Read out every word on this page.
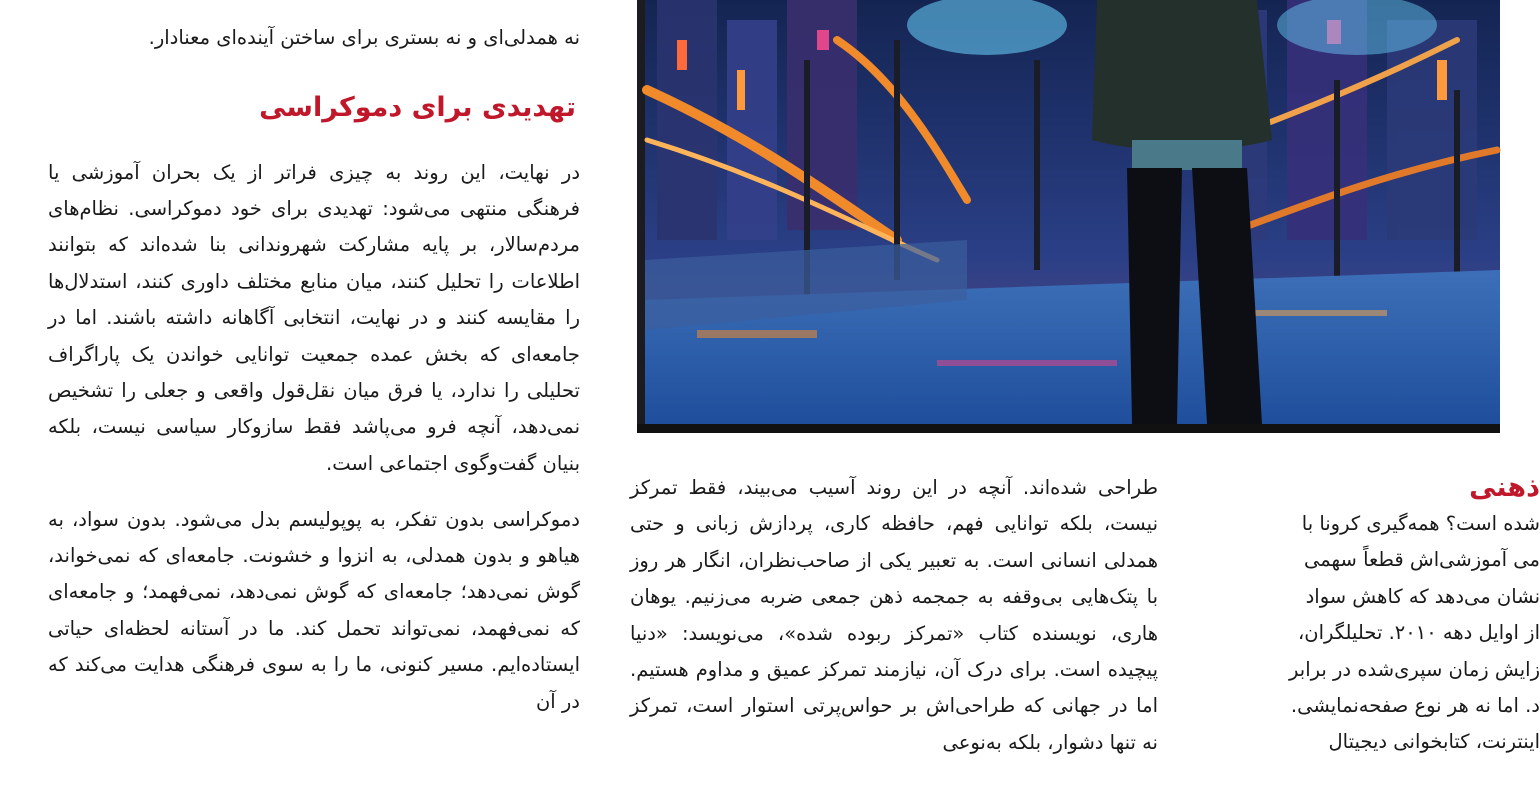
نه همدلی‌ای و نه بستری برای ساختن آینده‌ای معنادار.

تهدیدی برای دموکراسی

در نهایت، این روند به چیزی فراتر از یک بحران آموزشی یا فرهنگی منتهی می‌شود: تهدیدی برای خود دموکراسی. نظام‌های مردم‌سالار، بر پایه مشارکت شهروندانی بنا شده‌اند که بتوانند اطلاعات را تحلیل کنند، میان منابع مختلف داوری کنند، استدلال‌ها را مقایسه کنند و در نهایت، انتخابی آگاهانه داشته باشند. اما در جامعه‌ای که بخش عمده جمعیت توانایی خواندن یک پاراگراف تحلیلی را ندارد، یا فرق میان نقل‌قول واقعی و جعلی را تشخیص نمی‌دهد، آنچه فرو می‌پاشد فقط سازوکار سیاسی نیست، بلکه بنیان گفت‌وگوی اجتماعی است.

دموکراسی بدون تفکر، به پوپولیسم بدل می‌شود. بدون سواد، به هیاهو و بدون همدلی، به انزوا و خشونت. جامعه‌ای که نمی‌خواند، گوش نمی‌دهد؛ جامعه‌ای که گوش نمی‌دهد، نمی‌فهمد؛ و جامعه‌ای که نمی‌فهمد، نمی‌تواند تحمل کند. ما در آستانه لحظه‌ای حیاتی ایستاده‌ایم. مسیر کنونی، ما را به سوی فرهنگی هدایت می‌کند که در آن

طراحی شده‌اند. آنچه در این روند آسیب می‌بیند، فقط تمرکز نیست، بلکه توانایی فهم، حافظه کاری، پردازش زبانی و حتی همدلی انسانی است. به تعبیر یکی از صاحب‌نظران، انگار هر روز با پتک‌هایی بی‌وقفه به جمجمه ذهن جمعی ضربه می‌زنیم. یوهان هاری، نویسنده کتاب «تمرکز ربوده شده»، می‌نویسد: «دنیا پیچیده است. برای درک آن، نیازمند تمرکز عمیق و مداوم هستیم. اما در جهانی که طراحی‌اش بر حواس‌پرتی استوار است، تمرکز نه تنها دشوار، بلکه به‌نوعی

ذهنی

شده است؟ همه‌گیری کرونا با

می آموزشی‌اش قطعاً سهمی

نشان می‌دهد که کاهش سواد

از اوایل دهه ۲۰۱۰. تحلیلگران،

زایش زمان سپری‌شده در برابر

د. اما نه هر نوع صفحه‌نمایشی.

اینترنت، کتابخوانی دیجیتال
